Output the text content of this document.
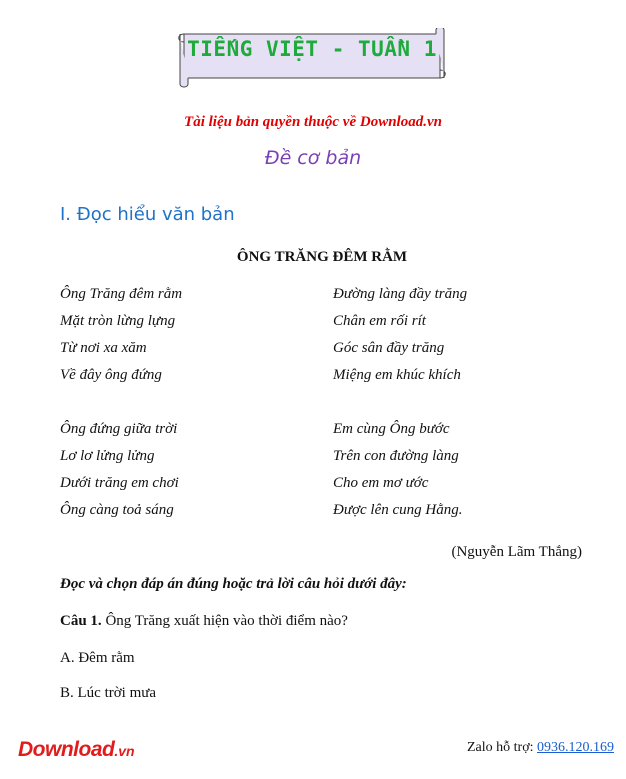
TIẾNG VIỆT - TUẦN 1
Tài liệu bản quyền thuộc về Download.vn
Đề cơ bản
I. Đọc hiểu văn bản
ÔNG TRĂNG ĐÊM RẰM
Ông Trăng đêm rằm
Mặt tròn lừng lựng
Từ nơi xa xăm
Về đây ông đứng
Ông đứng giữa trời
Lơ lơ lửng lửng
Dưới trăng em chơi
Ông càng toả sáng
Đường làng đầy trăng
Chân em rối rít
Góc sân đầy trăng
Miệng em khúc khích
Em cùng Ông bước
Trên con đường làng
Cho em mơ ước
Được lên cung Hằng.
(Nguyễn Lãm Thắng)
Đọc và chọn đáp án đúng hoặc trả lời câu hỏi dưới đây:
Câu 1. Ông Trăng xuất hiện vào thời điểm nào?
A. Đêm rằm
B. Lúc trời mưa
Download.vn	Zalo hỗ trợ: 0936.120.169
